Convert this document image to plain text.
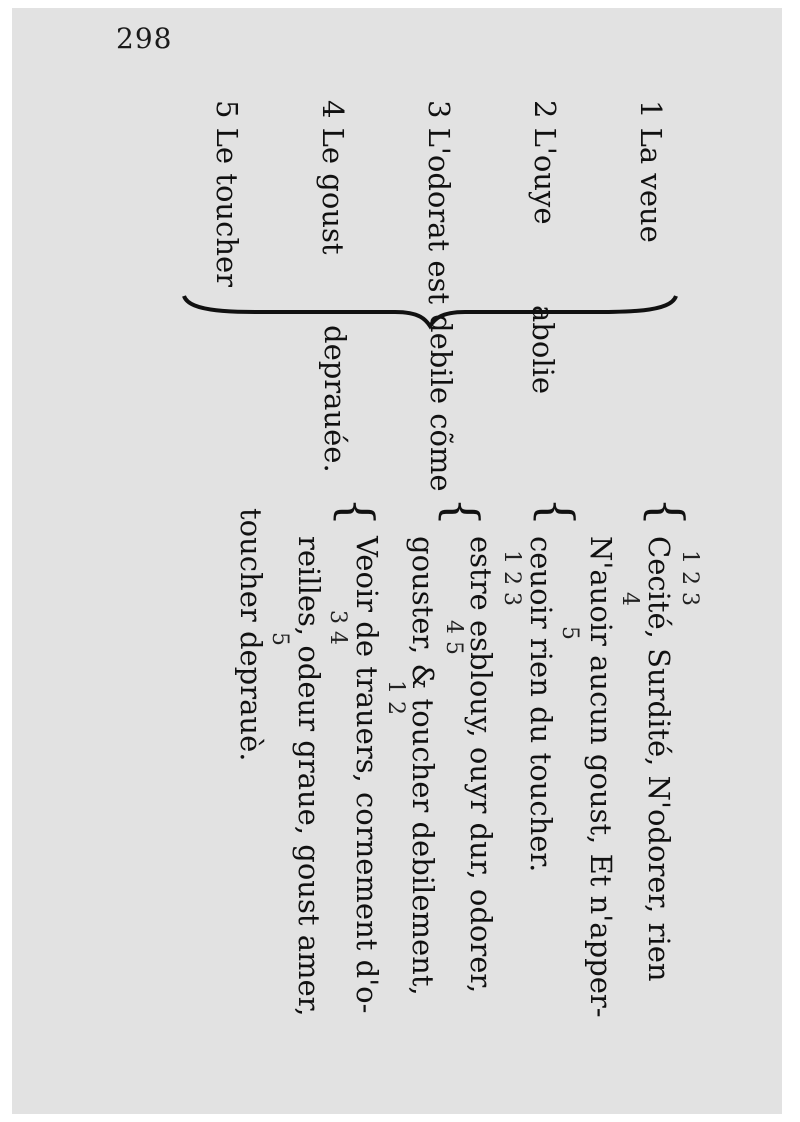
298
1 La veue
2 L'ouye
3 L'odorat est
4 Le goust
5 Le toucher
abolie
debile cõme
deprauée.
{
{
{
{
1 2 3
Cecité, Surdité, N'odorer, rien
4
N'auoir aucun goust, Et n'apper-
5
ceuoir rien du toucher.
1 2 3
estre esblouy, ouyr dur, odorer,
4 5
gouster, & toucher debilement,
1 2
Veoir de trauers, cornement d'o-
3 4
reilles, odeur graue, goust amer,
5
toucher deprauè.
